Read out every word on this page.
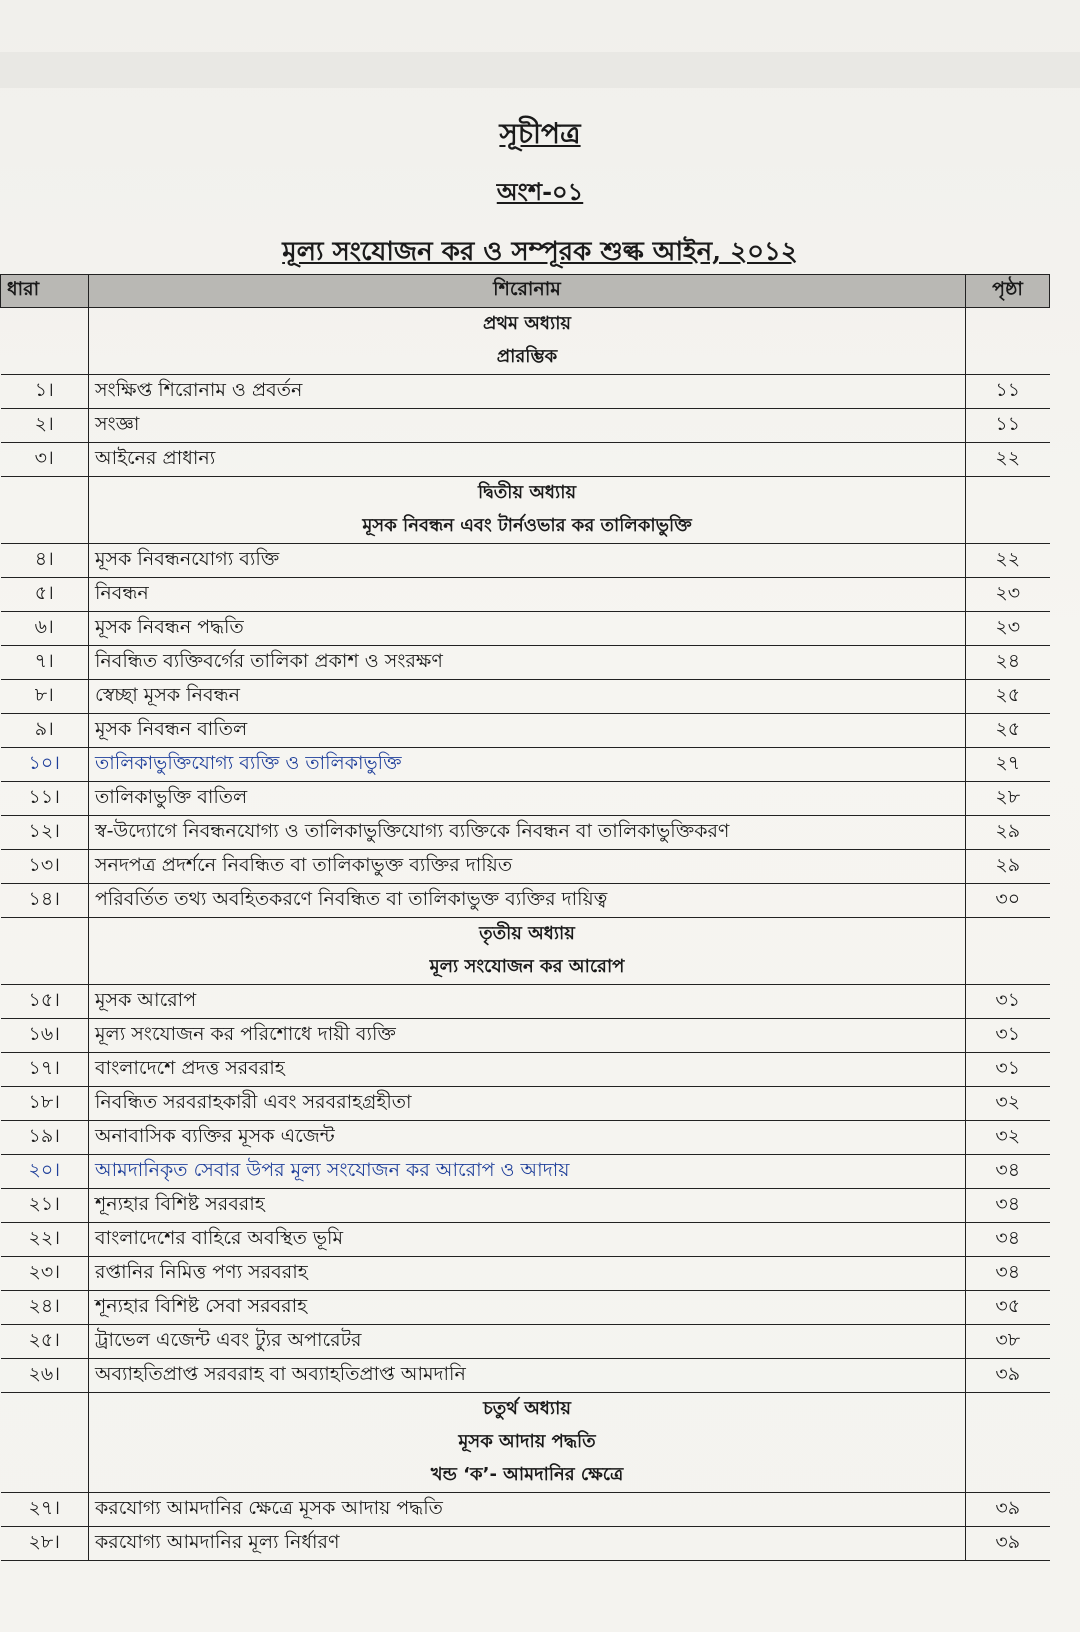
সূচীপত্র
অংশ-০১
মূল্য সংযোজন কর ও সম্পূরক শুল্ক আইন, ২০১২
ধারা	শিরোনাম	পৃষ্ঠা
	প্রথম অধ্যায়	
	প্রারম্ভিক	
১।	সংক্ষিপ্ত শিরোনাম ও প্রবর্তন	১১
২।	সংজ্ঞা	১১
৩।	আইনের প্রাধান্য	২২
	দ্বিতীয় অধ্যায়	
	মূসক নিবন্ধন এবং টার্নওভার কর তালিকাভুক্তি	
৪।	মূসক নিবন্ধনযোগ্য ব্যক্তি	২২
৫।	নিবন্ধন	২৩
৬।	মূসক নিবন্ধন পদ্ধতি	২৩
৭।	নিবন্ধিত ব্যক্তিবর্গের তালিকা প্রকাশ ও সংরক্ষণ	২৪
৮।	স্বেচ্ছা মূসক নিবন্ধন	২৫
৯।	মূসক নিবন্ধন বাতিল	২৫
১০।	তালিকাভুক্তিযোগ্য ব্যক্তি ও তালিকাভুক্তি	২৭
১১।	তালিকাভুক্তি বাতিল	২৮
১২।	স্ব-উদ্যোগে নিবন্ধনযোগ্য ও তালিকাভুক্তিযোগ্য ব্যক্তিকে নিবন্ধন বা তালিকাভুক্তিকরণ	২৯
১৩।	সনদপত্র প্রদর্শনে নিবন্ধিত বা তালিকাভুক্ত ব্যক্তির দায়িত	২৯
১৪।	পরিবর্তিত তথ্য অবহিতকরণে নিবন্ধিত বা তালিকাভুক্ত ব্যক্তির দায়িত্ব	৩০
	তৃতীয় অধ্যায়	
	মূল্য সংযোজন কর আরোপ	
১৫।	মূসক আরোপ	৩১
১৬।	মূল্য সংযোজন কর পরিশোধে দায়ী ব্যক্তি	৩১
১৭।	বাংলাদেশে প্রদত্ত সরবরাহ	৩১
১৮।	নিবন্ধিত সরবরাহকারী এবং সরবরাহগ্রহীতা	৩২
১৯।	অনাবাসিক ব্যক্তির মূসক এজেন্ট	৩২
২০।	আমদানিকৃত সেবার উপর মূল্য সংযোজন কর আরোপ ও আদায়	৩৪
২১।	শূন্যহার বিশিষ্ট সরবরাহ	৩৪
২২।	বাংলাদেশের বাহিরে অবস্থিত ভূমি	৩৪
২৩।	রপ্তানির নিমিত্ত পণ্য সরবরাহ	৩৪
২৪।	শূন্যহার বিশিষ্ট সেবা সরবরাহ	৩৫
২৫।	ট্রাভেল এজেন্ট এবং ট্যুর অপারেটর	৩৮
২৬।	অব্যাহতিপ্রাপ্ত সরবরাহ বা অব্যাহতিপ্রাপ্ত আমদানি	৩৯
	চতুর্থ অধ্যায়	
	মূসক আদায় পদ্ধতি	
	খন্ড ‘ক’- আমদানির ক্ষেত্রে	
২৭।	করযোগ্য আমদানির ক্ষেত্রে মূসক আদায় পদ্ধতি	৩৯
২৮।	করযোগ্য আমদানির মূল্য নির্ধারণ	৩৯
